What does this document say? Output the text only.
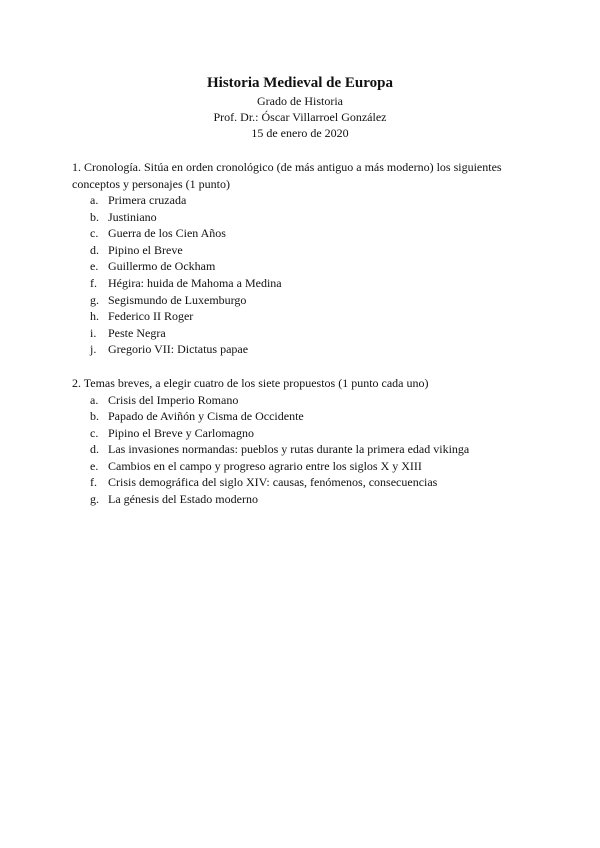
Historia Medieval de Europa

Grado de Historia

Prof. Dr.: Óscar Villarroel González

15 de enero de 2020

1. Cronología. Sitúa en orden cronológico (de más antiguo a más moderno) los siguientes conceptos y personajes (1 punto)

a. Primera cruzada
b. Justiniano
c. Guerra de los Cien Años
d. Pipino el Breve
e. Guillermo de Ockham
f. Hégira: huida de Mahoma a Medina
g. Segismundo de Luxemburgo
h. Federico II Roger
i. Peste Negra
j. Gregorio VII: Dictatus papae

2. Temas breves, a elegir cuatro de los siete propuestos (1 punto cada uno)

a. Crisis del Imperio Romano
b. Papado de Aviñón y Cisma de Occidente
c. Pipino el Breve y Carlomagno
d. Las invasiones normandas: pueblos y rutas durante la primera edad vikinga
e. Cambios en el campo y progreso agrario entre los siglos X y XIII
f. Crisis demográfica del siglo XIV: causas, fenómenos, consecuencias
g. La génesis del Estado moderno
